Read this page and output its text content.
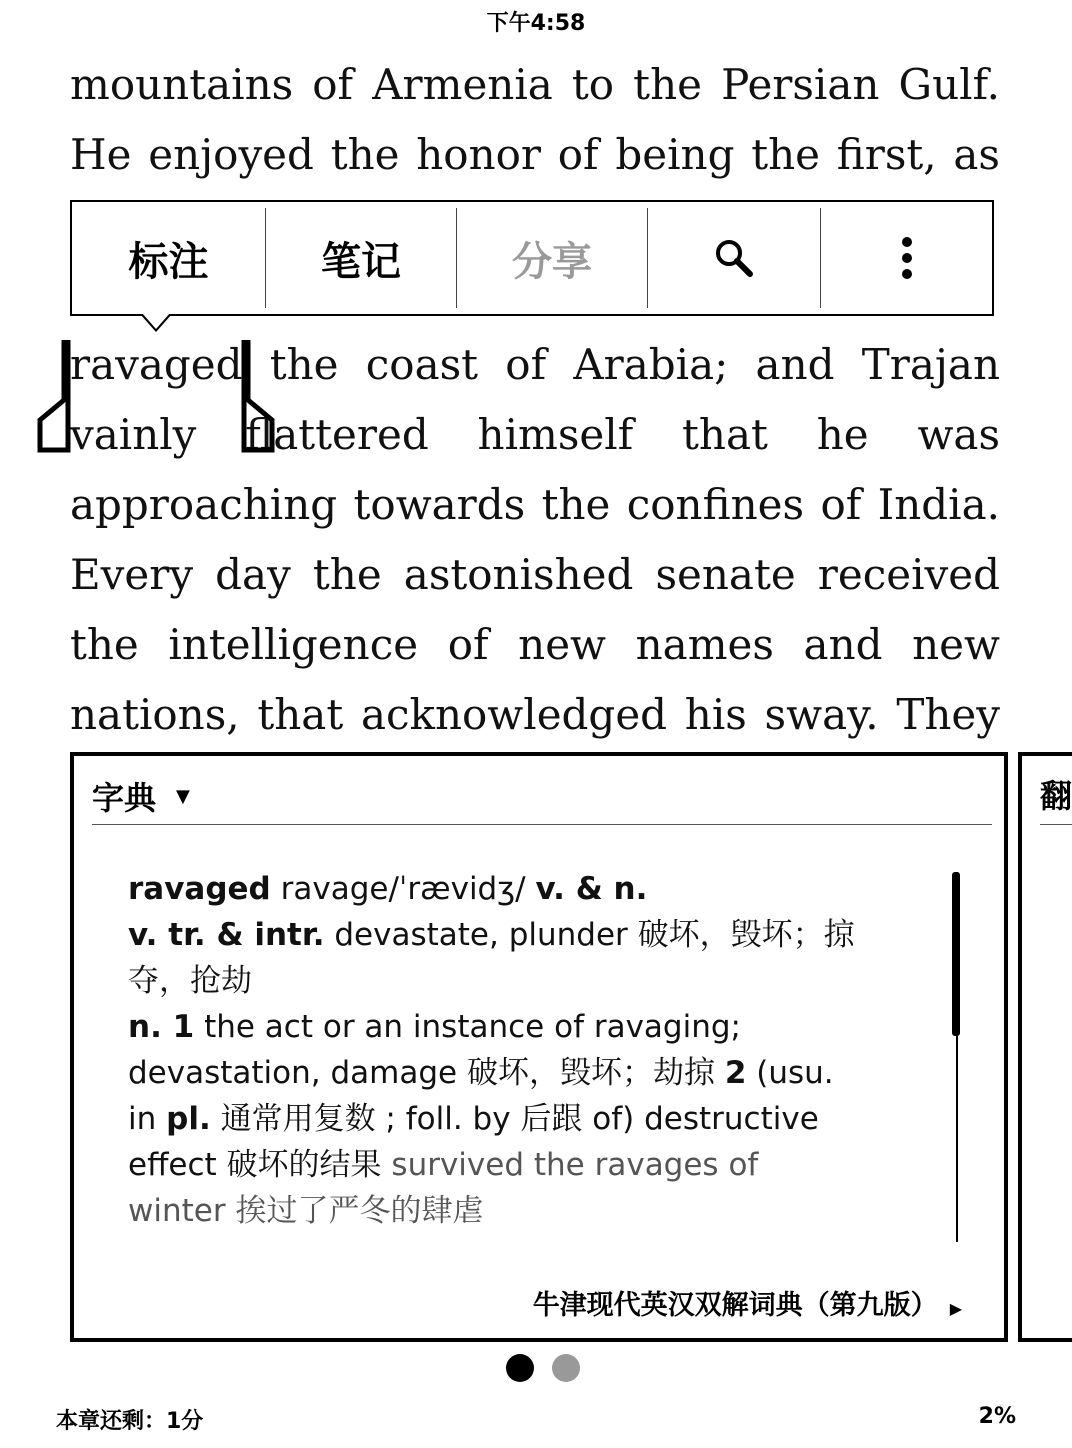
下午4:58
mountains of Armenia to the Persian Gulf.
He enjoyed the honor of being the first, as
ravaged the coast of Arabia; and Trajan
vainly flattered himself that he was
approaching towards the confines of India.
Every day the astonished senate received
the intelligence of new names and new
nations, that acknowledged his sway. They
标注	笔记	分享
字典 ▼
ravaged ravage/ˈrævidʒ/ v. & n.
v. tr. & intr. devastate, plunder 破坏，毁坏；掠
夺，抢劫
n. 1 the act or an instance of ravaging;
devastation, damage 破坏，毁坏；劫掠 2 (usu.
in pl. 通常用复数 ; foll. by 后跟 of) destructive
effect 破坏的结果 survived the ravages of
winter 挨过了严冬的肆虐
牛津现代英汉双解词典（第九版） ▶
翻
本章还剩：1分	2%
